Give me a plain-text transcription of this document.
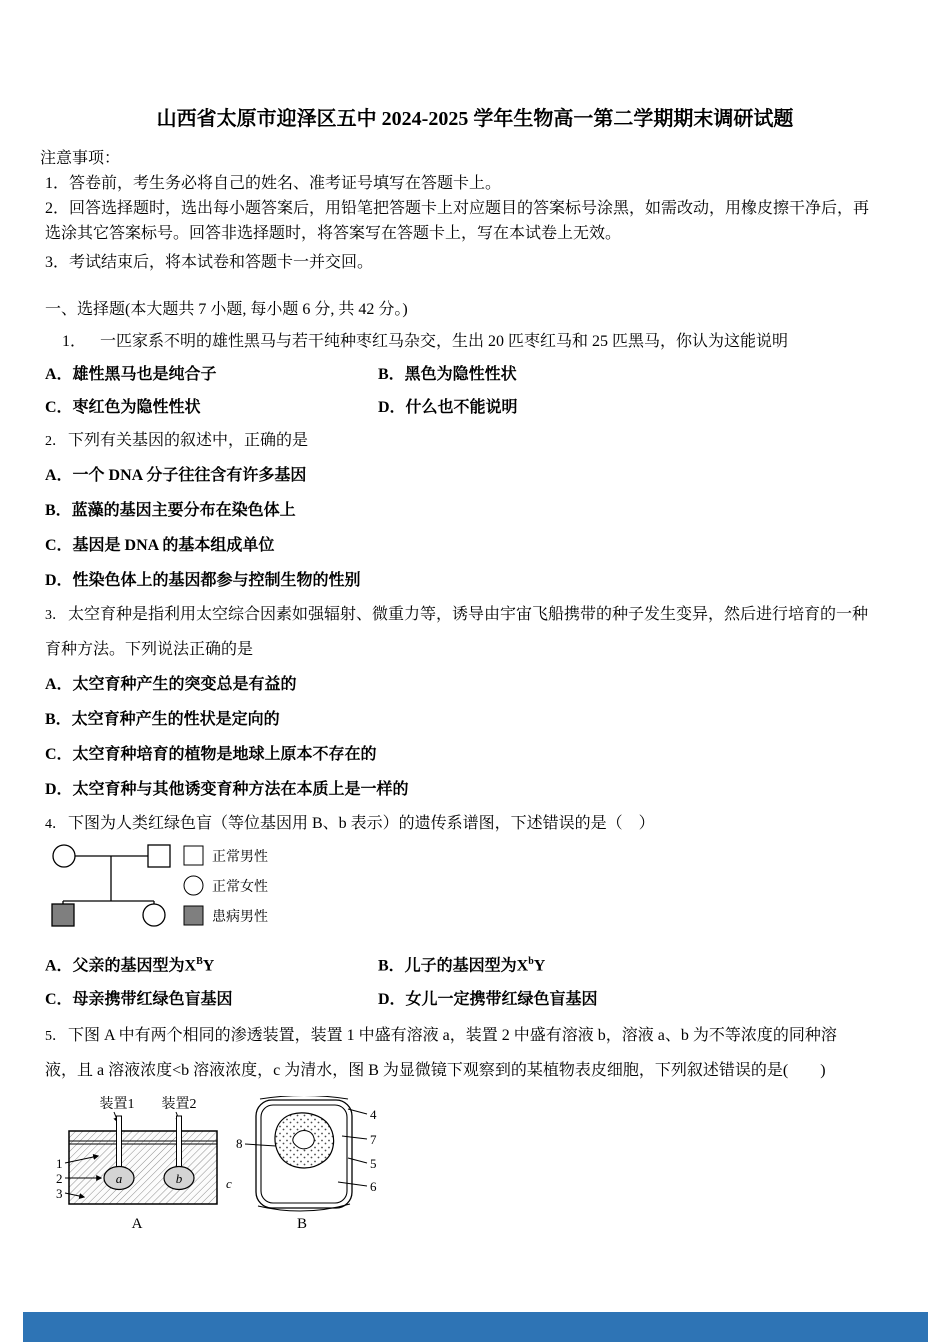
山西省太原市迎泽区五中 2024-2025 学年生物高一第二学期期末调研试题
注意事项：
1．答卷前，考生务必将自己的姓名、准考证号填写在答题卡上。
2．回答选择题时，选出每小题答案后，用铅笔把答题卡上对应题目的答案标号涂黑，如需改动，用橡皮擦干净后，再选涂其它答案标号。回答非选择题时，将答案写在答题卡上，写在本试卷上无效。
3．考试结束后，将本试卷和答题卡一并交回。
一、选择题(本大题共 7 小题, 每小题 6 分, 共 42 分。)
1． 一匹家系不明的雄性黑马与若干纯种枣红马杂交，生出 20 匹枣红马和 25 匹黑马，你认为这能说明
A．雄性黑马也是纯合子	B．黑色为隐性性状
C．枣红色为隐性性状	D．什么也不能说明
2． 下列有关基因的叙述中，正确的是
A．一个 DNA 分子往往含有许多基因
B．蓝藻的基因主要分布在染色体上
C．基因是 DNA 的基本组成单位
D．性染色体上的基因都参与控制生物的性别
3． 太空育种是指利用太空综合因素如强辐射、微重力等，诱导由宇宙飞船携带的种子发生变异，然后进行培育的一种育种方法。下列说法正确的是
A．太空育种产生的突变总是有益的
B．太空育种产生的性状是定向的
C．太空育种培育的植物是地球上原本不存在的
D．太空育种与其他诱变育种方法在本质上是一样的
4． 下图为人类红绿色盲（等位基因用 B、b 表示）的遗传系谱图，下述错误的是（　）
正常男性
正常女性
患病男性
A．父亲的基因型为$X^BY$	B．儿子的基因型为$X^bY$
C．母亲携带红绿色盲基因	D．女儿一定携带红绿色盲基因
5． 下图 A 中有两个相同的渗透装置，装置 1 中盛有溶液 a，装置 2 中盛有溶液 b，溶液 a、b 为不等浓度的同种溶液，且 a 溶液浓度<b 溶液浓度，c 为清水，图 B 为显微镜下观察到的某植物表皮细胞，下列叙述错误的是(　　)
装置1 装置2
a	b
1
2
3
c
A
4
7
5
6
8
B
